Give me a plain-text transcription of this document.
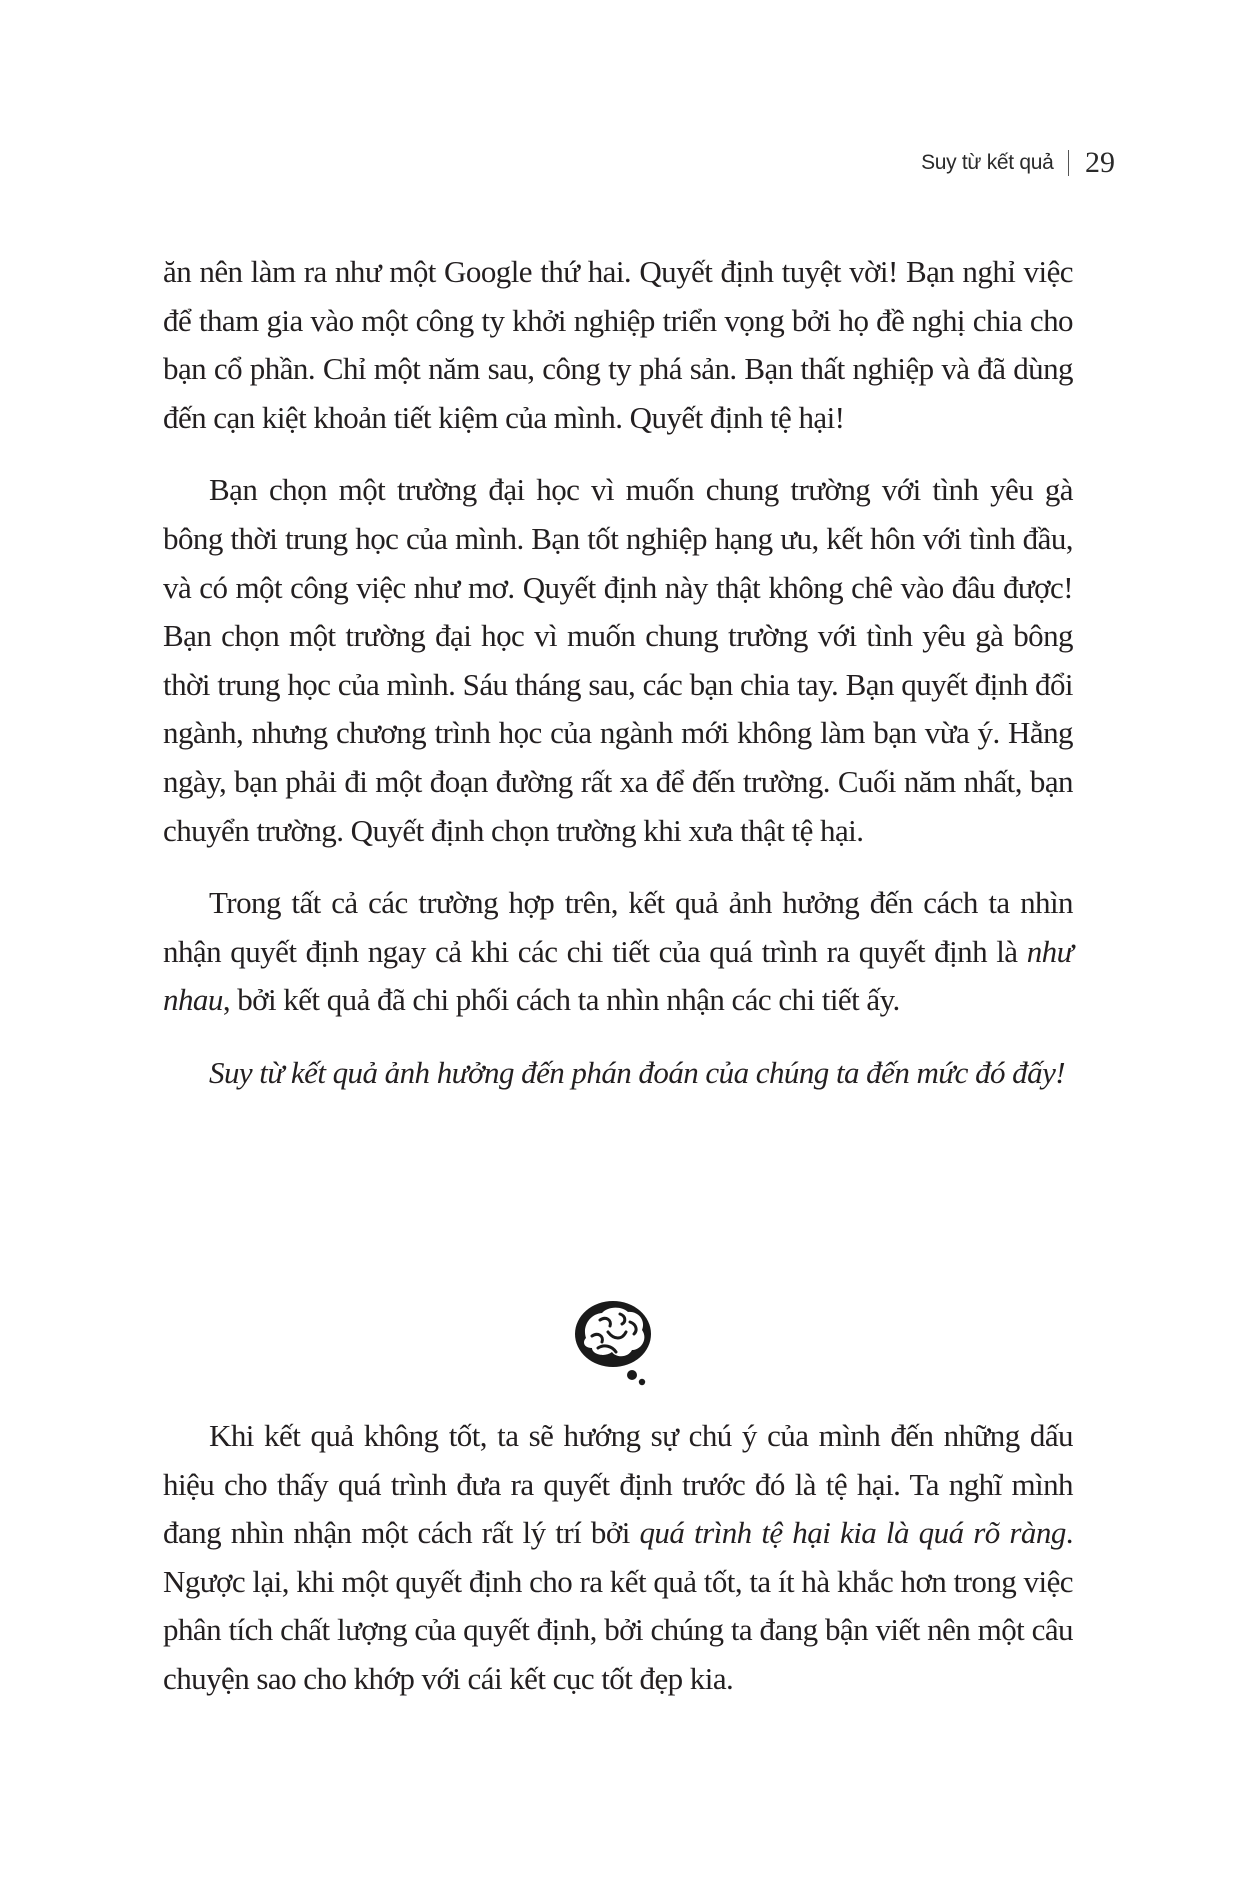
Suy từ kết quả 29

ăn nên làm ra như một Google thứ hai. Quyết định tuyệt vời! Bạn nghỉ việc để tham gia vào một công ty khởi nghiệp triển vọng bởi họ đề nghị chia cho bạn cổ phần. Chỉ một năm sau, công ty phá sản. Bạn thất nghiệp và đã dùng đến cạn kiệt khoản tiết kiệm của mình. Quyết định tệ hại!

Bạn chọn một trường đại học vì muốn chung trường với tình yêu gà bông thời trung học của mình. Bạn tốt nghiệp hạng ưu, kết hôn với tình đầu, và có một công việc như mơ. Quyết định này thật không chê vào đâu được! Bạn chọn một trường đại học vì muốn chung trường với tình yêu gà bông thời trung học của mình. Sáu tháng sau, các bạn chia tay. Bạn quyết định đổi ngành, nhưng chương trình học của ngành mới không làm bạn vừa ý. Hằng ngày, bạn phải đi một đoạn đường rất xa để đến trường. Cuối năm nhất, bạn chuyển trường. Quyết định chọn trường khi xưa thật tệ hại.

Trong tất cả các trường hợp trên, kết quả ảnh hưởng đến cách ta nhìn nhận quyết định ngay cả khi các chi tiết của quá trình ra quyết định là như nhau, bởi kết quả đã chi phối cách ta nhìn nhận các chi tiết ấy.

Suy từ kết quả ảnh hưởng đến phán đoán của chúng ta đến mức đó đấy!

Khi kết quả không tốt, ta sẽ hướng sự chú ý của mình đến những dấu hiệu cho thấy quá trình đưa ra quyết định trước đó là tệ hại. Ta nghĩ mình đang nhìn nhận một cách rất lý trí bởi quá trình tệ hại kia là quá rõ ràng. Ngược lại, khi một quyết định cho ra kết quả tốt, ta ít hà khắc hơn trong việc phân tích chất lượng của quyết định, bởi chúng ta đang bận viết nên một câu chuyện sao cho khớp với cái kết cục tốt đẹp kia.
